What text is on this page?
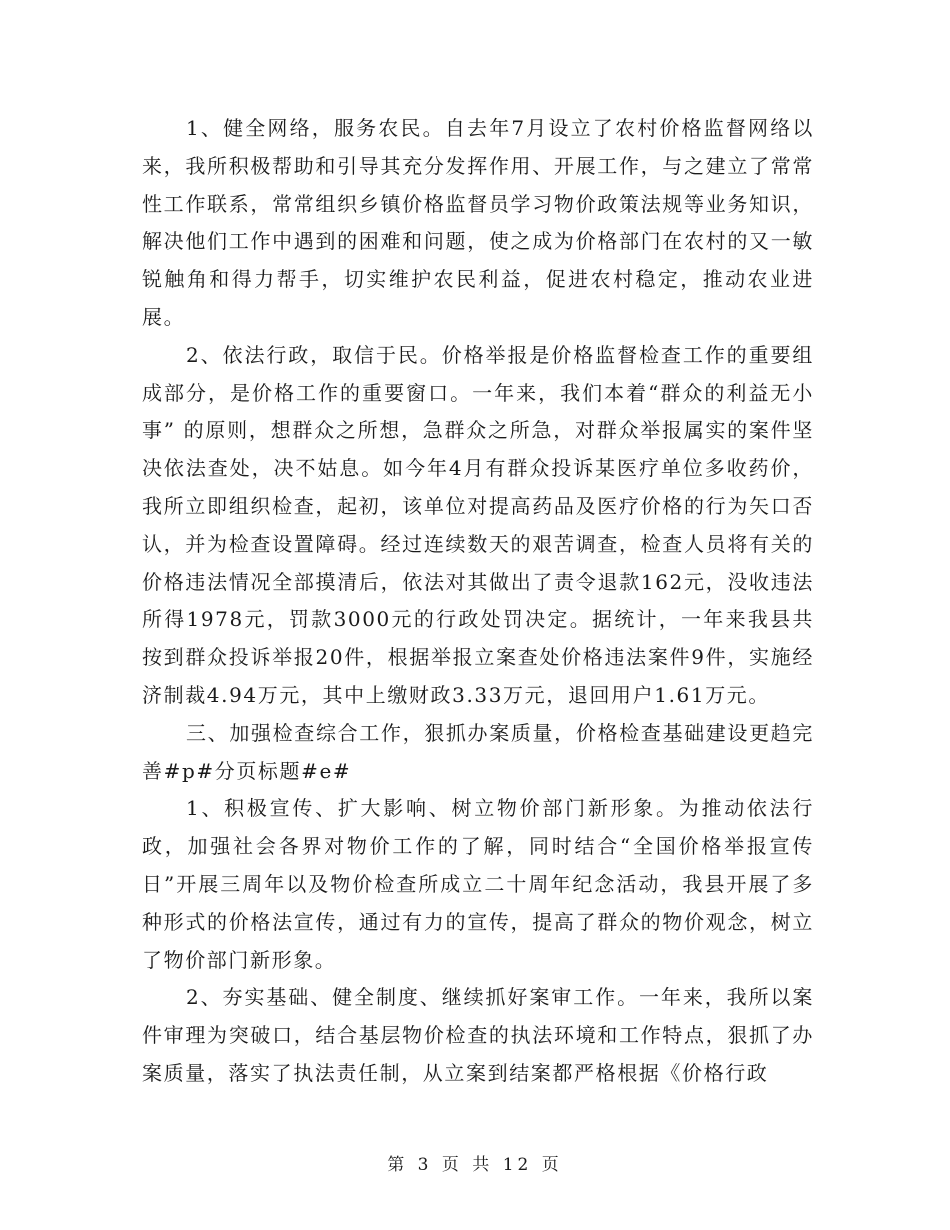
1、健全网络，服务农民。自去年7月设立了农村价格监督网络以来，我所积极帮助和引导其充分发挥作用、开展工作，与之建立了常常性工作联系，常常组织乡镇价格监督员学习物价政策法规等业务知识，解决他们工作中遇到的困难和问题，使之成为价格部门在农村的又一敏锐触角和得力帮手，切实维护农民利益，促进农村稳定，推动农业进展。

2、依法行政，取信于民。价格举报是价格监督检查工作的重要组成部分，是价格工作的重要窗口。一年来，我们本着“群众的利益无小事” 的原则，想群众之所想，急群众之所急，对群众举报属实的案件坚决依法查处，决不姑息。如今年4月有群众投诉某医疗单位多收药价，我所立即组织检查，起初，该单位对提高药品及医疗价格的行为矢口否认，并为检查设置障碍。经过连续数天的艰苦调查，检查人员将有关的价格违法情况全部摸清后，依法对其做出了责令退款162元，没收违法所得1978元，罚款3000元的行政处罚决定。据统计，一年来我县共按到群众投诉举报20件，根据举报立案查处价格违法案件9件，实施经济制裁4.94万元，其中上缴财政3.33万元，退回用户1.61万元。

三、加强检查综合工作，狠抓办案质量，价格检查基础建设更趋完善#p#分页标题#e#

1、积极宣传、扩大影响、树立物价部门新形象。为推动依法行政，加强社会各界对物价工作的了解，同时结合“全国价格举报宣传日”开展三周年以及物价检查所成立二十周年纪念活动，我县开展了多种形式的价格法宣传，通过有力的宣传，提高了群众的物价观念，树立了物价部门新形象。

2、夯实基础、健全制度、继续抓好案审工作。一年来，我所以案件审理为突破口，结合基层物价检查的执法环境和工作特点，狠抓了办案质量，落实了执法责任制，从立案到结案都严格根据《价格行政

第 3 页 共 12 页
